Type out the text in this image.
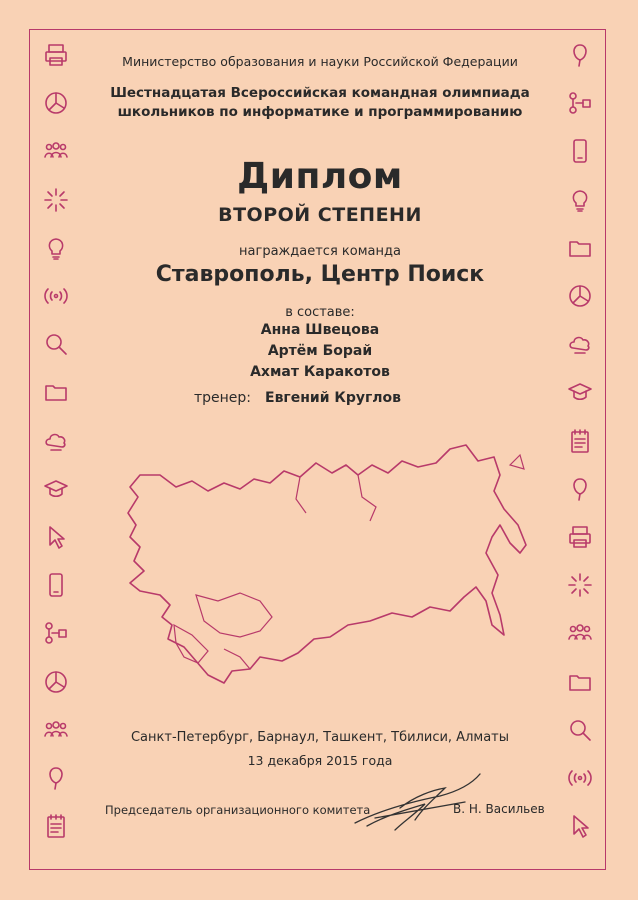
Министерство образования и науки Российской Федерации
Шестнадцатая Всероссийская командная олимпиада
школьников по информатике и программированию
Диплом
ВТОРОЙ СТЕПЕНИ
награждается команда
Ставрополь, Центр Поиск
в составе:
Анна Швецова
Артём Борай
Ахмат Каракотов
тренер: Евгений Круглов
Санкт-Петербург, Барнаул, Ташкент, Тбилиси, Алматы
13 декабря 2015 года
Председатель организационного комитета	В. Н. Васильев
